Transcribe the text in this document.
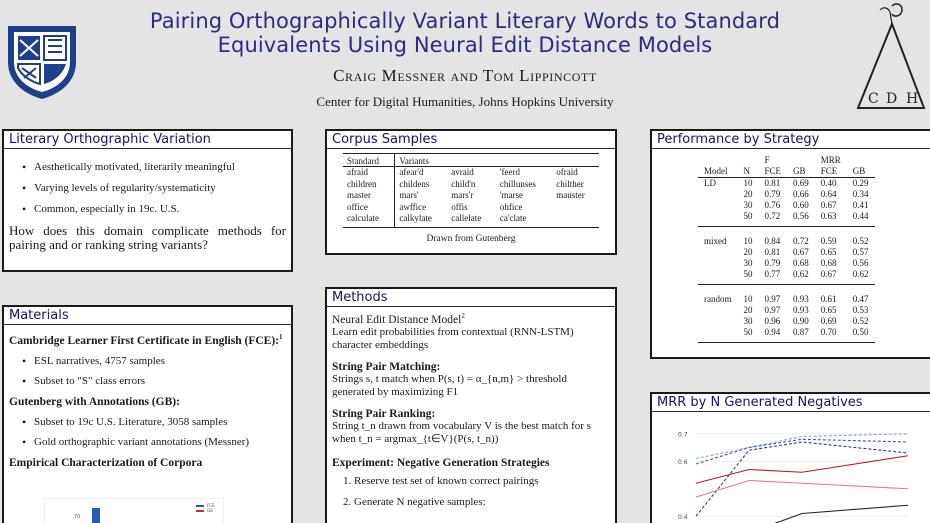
Pairing Orthographically Variant Literary Words to Standard
Equivalents Using Neural Edit Distance Models
Craig Messner and Tom Lippincott
Center for Digital Humanities, Johns Hopkins University	C D H
Literary Orthographic Variation
• Aesthetically motivated, literarily meaningful
• Varying levels of regularity/systematicity
• Common, especially in 19c. U.S.
How does this domain complicate methods for pairing and or ranking string variants?
Materials
Cambridge Learner First Certificate in English (FCE):$^1$
• ESL narratives, 4757 samples
• Subset to "S" class errors
Gutenberg with Annotations (GB):
• Subset to 19c U.S. Literature, 3058 samples
• Gold orthographic variant annotations (Messner)
Empirical Characterization of Corpora
70
FCE
GB
Corpus Samples
Standard	Variants			
afraid	afear'd	avraid	'feerd	ofraid
children	childens	child'n	chillunses	chilther
master	mars'	mars'r	'marse	mauster
office	awffice	offis	ohfice	
calculate	calkylate	callelate	ca'clate	
Drawn from Gutenberg
Methods
Neural Edit Distance Model$^2$
Learn edit probabilities from contextual (RNN-LSTM) character embeddings
String Pair Matching:
Strings s, t match when P(s, t) = α_{n,m} > threshold generated by maximizing F1
String Pair Ranking:
String t_n drawn from vocabulary V is the best match for s when t_n = argmax_{t∈V}(P(s, t_n))
Experiment: Negative Generation Strategies
1. Reserve test set of known correct pairings
2. Generate N negative samples:
Performance by Strategy
		F		MRR	
Model	N	FCE	GB	FCE	GB
LD	10	0.81	0.69	0.40	0.29
	20	0.79	0.66	0.64	0.34
	30	0.76	0.60	0.67	0.41
	50	0.72	0.56	0.63	0.44
mixed	10	0.84	0.72	0.59	0.52
	20	0.81	0.67	0.65	0.57
	30	0.79	0.68	0.68	0.56
	50	0.77	0.62	0.67	0.62
random	10	0.97	0.93	0.61	0.47
	20	0.97	0.93	0.65	0.53
	30	0.96	0.90	0.69	0.52
	50	0.94	0.87	0.70	0.50
MRR by N Generated Negatives
0.7
0.6
0.4
